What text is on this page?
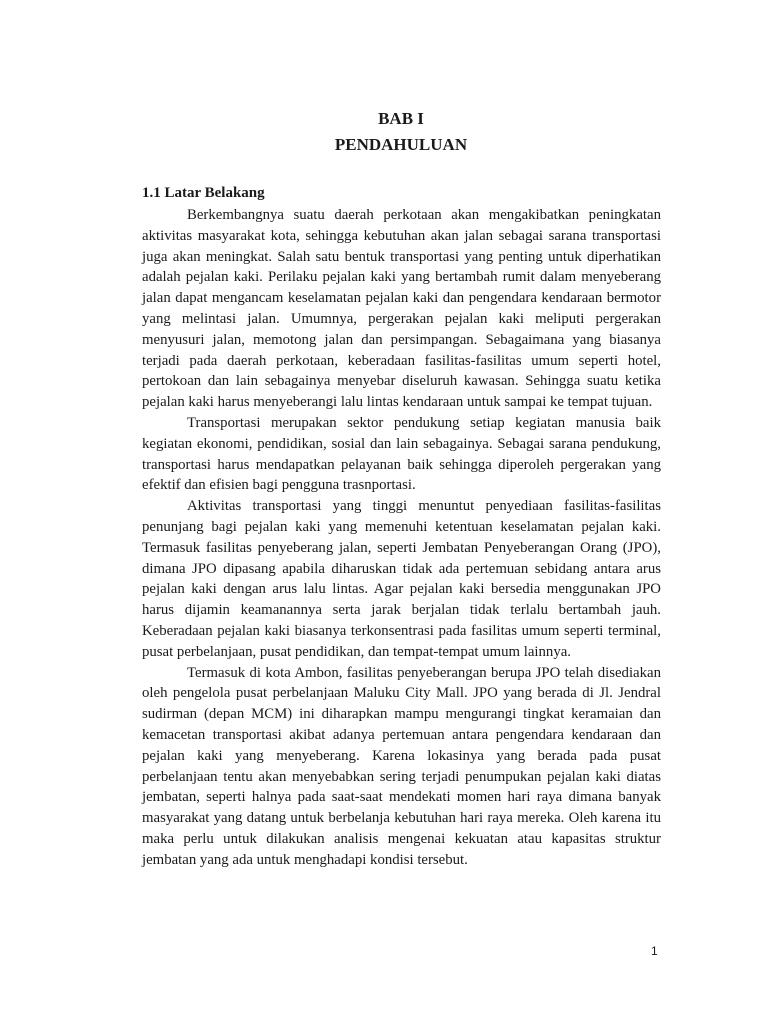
BAB I
PENDAHULUAN
1.1 Latar Belakang

Berkembangnya suatu daerah perkotaan akan mengakibatkan peningkatan aktivitas masyarakat kota, sehingga kebutuhan akan jalan sebagai sarana transportasi juga akan meningkat. Salah satu bentuk transportasi yang penting untuk diperhatikan adalah pejalan kaki. Perilaku pejalan kaki yang bertambah rumit dalam menyeberang jalan dapat mengancam keselamatan pejalan kaki dan pengendara kendaraan bermotor yang melintasi jalan. Umumnya, pergerakan pejalan kaki meliputi pergerakan menyusuri jalan, memotong jalan dan persimpangan. Sebagaimana yang biasanya terjadi pada daerah perkotaan, keberadaan fasilitas-fasilitas umum seperti hotel, pertokoan dan lain sebagainya menyebar diseluruh kawasan. Sehingga suatu ketika pejalan kaki harus menyeberangi lalu lintas kendaraan untuk sampai ke tempat tujuan.

Transportasi merupakan sektor pendukung setiap kegiatan manusia baik kegiatan ekonomi, pendidikan, sosial dan lain sebagainya. Sebagai sarana pendukung, transportasi harus mendapatkan pelayanan baik sehingga diperoleh pergerakan yang efektif dan efisien bagi pengguna trasnportasi.

Aktivitas transportasi yang tinggi menuntut penyediaan fasilitas-fasilitas penunjang bagi pejalan kaki yang memenuhi ketentuan keselamatan pejalan kaki. Termasuk fasilitas penyeberang jalan, seperti Jembatan Penyeberangan Orang (JPO), dimana JPO dipasang apabila diharuskan tidak ada pertemuan sebidang antara arus pejalan kaki dengan arus lalu lintas. Agar pejalan kaki bersedia menggunakan JPO harus dijamin keamanannya serta jarak berjalan tidak terlalu bertambah jauh. Keberadaan pejalan kaki biasanya terkonsentrasi pada fasilitas umum seperti terminal, pusat perbelanjaan, pusat pendidikan, dan tempat-tempat umum lainnya.

Termasuk di kota Ambon, fasilitas penyeberangan berupa JPO telah disediakan oleh pengelola pusat perbelanjaan Maluku City Mall. JPO yang berada di Jl. Jendral sudirman (depan MCM) ini diharapkan mampu mengurangi tingkat keramaian dan kemacetan transportasi akibat adanya pertemuan antara pengendara kendaraan dan pejalan kaki yang menyeberang. Karena lokasinya yang berada pada pusat perbelanjaan tentu akan menyebabkan sering terjadi penumpukan pejalan kaki diatas jembatan, seperti halnya pada saat-saat mendekati momen hari raya dimana banyak masyarakat yang datang untuk berbelanja kebutuhan hari raya mereka. Oleh karena itu maka perlu untuk dilakukan analisis mengenai kekuatan atau kapasitas struktur jembatan yang ada untuk menghadapi kondisi tersebut.

1
